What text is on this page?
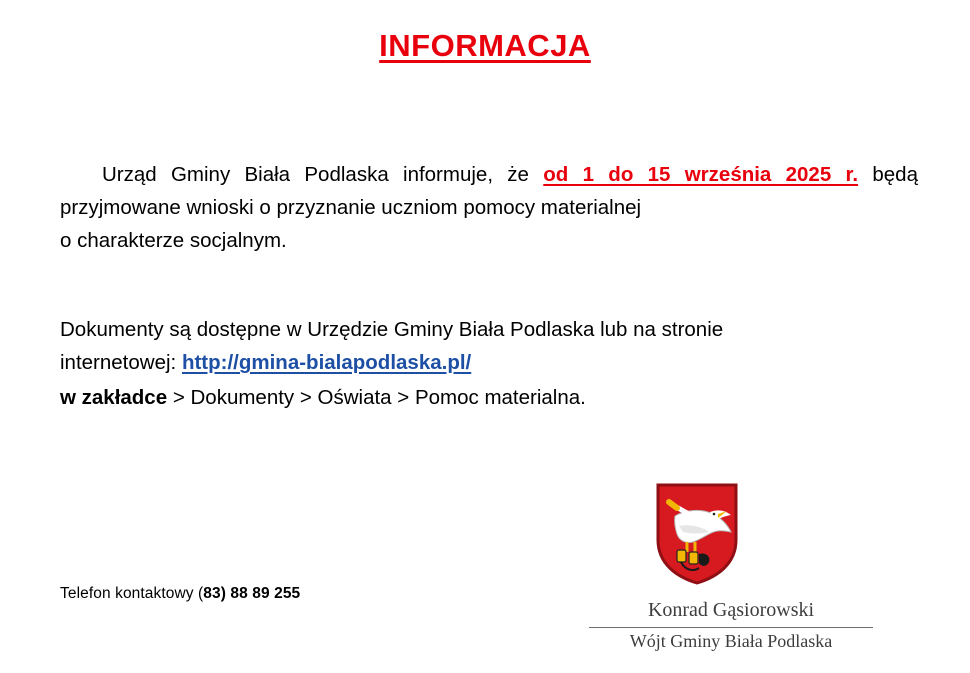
INFORMACJA
Urząd Gminy Biała Podlaska informuje, że od 1 do 15 września 2025 r. będą przyjmowane wnioski o przyznanie uczniom pomocy materialnej
o charakterze socjalnym.
Dokumenty są dostępne w Urzędzie Gminy Biała Podlaska lub na stronie
internetowej: http://gmina-bialapodlaska.pl/
w zakładce > Dokumenty > Oświata > Pomoc materialna.
Telefon kontaktowy (83) 88 89 255
Konrad Gąsiorowski
Wójt Gminy Biała Podlaska
